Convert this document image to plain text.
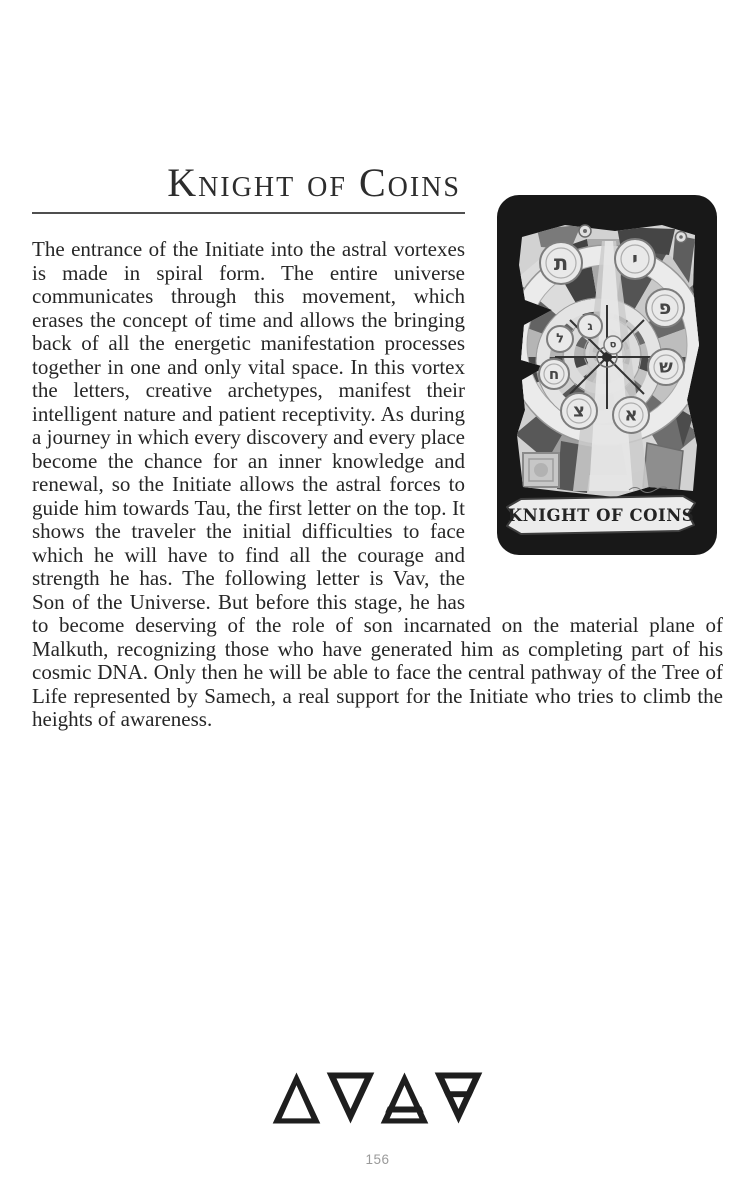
ת	י
פ
ש
א
צ
ח
ל
ג
ס
KNIGHT OF COINS
Knight of Coins

The entrance of the Initiate into the astral vortexes is made in spiral form. The entire universe communicates through this movement, which erases the concept of time and allows the bringing back of all the energetic manifestation processes together in one and only vital space. In this vortex the letters, creative archetypes, manifest their intelligent nature and patient receptivity. As during a journey in which every discovery and every place become the chance for an inner knowledge and renewal, so the Initiate allows the astral forces to guide him towards Tau, the first letter on the top. It shows the traveler the initial difficulties to face which he will have to find all the courage and strength he has. The following letter is Vav, the Son of the Universe. But before this stage, he has to become deserving of the role of son incarnated on the material plane of Malkuth, recognizing those who have generated him as completing part of his cosmic DNA. Only then he will be able to face the central pathway of the Tree of Life represented by Samech, a real support for the Initiate who tries to climb the heights of awareness.

156
